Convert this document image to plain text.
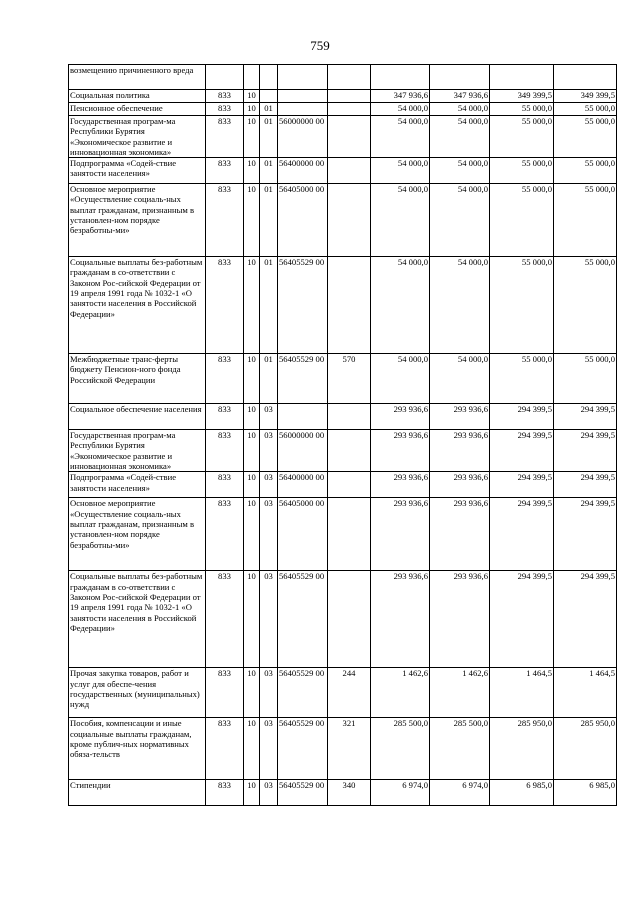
759
возмещению причиненного вреда									
Социальная политика	833	10				347 936,6	347 936,6	349 399,5	349 399,5
Пенсионное обеспечение	833	10	01			54 000,0	54 000,0	55 000,0	55 000,0
Государственная програм-ма Республики Бурятия «Экономическое развитие и инновационная экономика»	833	10	01	56000000 00		54 000,0	54 000,0	55 000,0	55 000,0
Подпрограмма «Содей-ствие занятости населения»	833	10	01	56400000 00		54 000,0	54 000,0	55 000,0	55 000,0
Основное мероприятие «Осуществление социаль-ных выплат гражданам, признанным в установлен-ном порядке безработны-ми»	833	10	01	56405000 00		54 000,0	54 000,0	55 000,0	55 000,0
Социальные выплаты без-работным гражданам в со-ответствии с Законом Рос-сийской Федерации от 19 апреля 1991 года № 1032-1 «О занятости населения в Российской Федерации»	833	10	01	56405529 00		54 000,0	54 000,0	55 000,0	55 000,0
Межбюджетные транс-ферты бюджету Пенсион-ного фонда Российской Федерации	833	10	01	56405529 00	570	54 000,0	54 000,0	55 000,0	55 000,0
Социальное обеспечение населения	833	10	03			293 936,6	293 936,6	294 399,5	294 399,5
Государственная програм-ма Республики Бурятия «Экономическое развитие и инновационная экономика»	833	10	03	56000000 00		293 936,6	293 936,6	294 399,5	294 399,5
Подпрограмма «Содей-ствие занятости населения»	833	10	03	56400000 00		293 936,6	293 936,6	294 399,5	294 399,5
Основное мероприятие «Осуществление социаль-ных выплат гражданам, признанным в установлен-ном порядке безработны-ми»	833	10	03	56405000 00		293 936,6	293 936,6	294 399,5	294 399,5
Социальные выплаты без-работным гражданам в со-ответствии с Законом Рос-сийской Федерации от 19 апреля 1991 года № 1032-1 «О занятости населения в Российской Федерации»	833	10	03	56405529 00		293 936,6	293 936,6	294 399,5	294 399,5
Прочая закупка товаров, работ и услуг для обеспе-чения государственных (муниципальных) нужд	833	10	03	56405529 00	244	1 462,6	1 462,6	1 464,5	1 464,5
Пособия, компенсации и иные социальные выплаты гражданам, кроме публич-ных нормативных обяза-тельств	833	10	03	56405529 00	321	285 500,0	285 500,0	285 950,0	285 950,0
Стипендии	833	10	03	56405529 00	340	6 974,0	6 974,0	6 985,0	6 985,0
